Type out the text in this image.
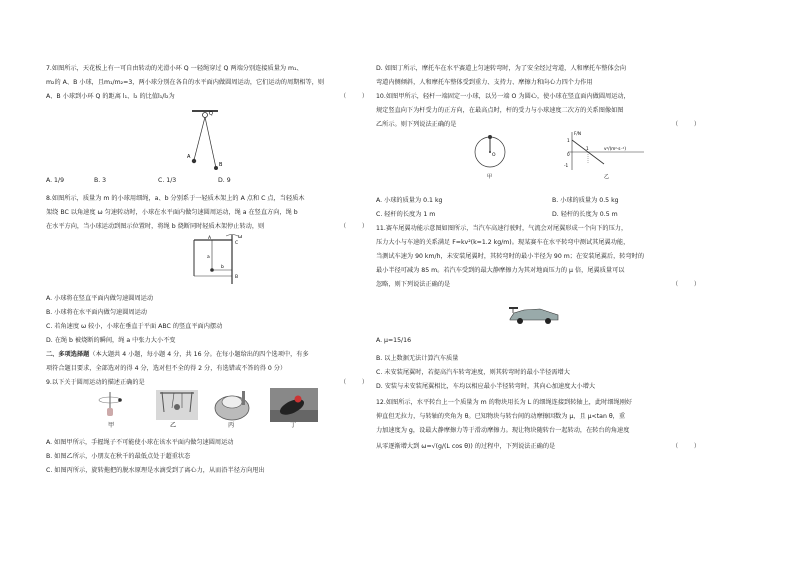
7.如图所示，天花板上有一可自由转动的光滑小环 Q 一轻绳穿过 Q 两端分别连接质量为 m₁、
m₂的 A、B 小球，且m₁/m₂=3，两小球分别在各自的水平面内做圆周运动，它们运动的周期相等，则
A、B 小球到小环 Q 的距离 l₁、l₂ 的比值l₁/l₂为	（        ）
Q
A
B
A. 1/9	B. 3	C. 1/3	D. 9
8.如图所示，质量为 m 的小球用细绳，a、b 分别系于一轻质木架上的 A 点和 C 点，当轻质木
架绕 BC 以角速度 ω 匀速转动时，小球在水平面内做匀速圆周运动，绳 a 在竖直方向，绳 b
在水平方向，当小球运动到图示位置时，将绳 b 烧断同时轻质木架停止转动，则	（        ）
ω
A
a
b
B
C
A. 小球将在竖直平面内做匀速圆周运动
B. 小球将在水平面内做匀速圆周运动
C. 若角速度 ω 较小，小球在垂直于平面 ABC 的竖直平面内摆动
D. 在绳 b 被烧断的瞬间，绳 a 中张力大小不变
二、多项选择题（本大题共 4 小题，每小题 4 分，共 16 分。在每小题给出的四个选项中，有多
项符合题目要求，全部选对的得 4 分，选对但不全的得 2 分，有选错或不答的得 0 分）
9.以下关于圆周运动的描述正确的是	（        ）
甲	乙	丙	丁
A. 如图甲所示，手握绳子不可能使小球在该水平面内做匀速圆周运动
B. 如图乙所示，小朋友在秋千的最低点处于超重状态
C. 如图丙所示，旋转拖把的脱水原理是水滴受到了离心力，从而沿半径方向甩出
D. 如图丁所示，摩托车在水平赛道上匀速转弯时，为了安全经过弯道，人和摩托车整体会向
弯道内侧倾斜，人和摩托车整体受到重力、支持力、摩擦力和向心力四个力作用
10.如图甲所示，轻杆一端固定一小球，以另一端 O 为圆心，使小球在竖直面内做圆周运动，
规定竖直向下为杆受力的正方向，在最高点时，杆的受力与小球速度二次方的关系图像如图
乙所示。则下列说法正确的是	（        ）
O
甲
F/N
1
0
-1
1	v²/(m²·s⁻²)
乙
A. 小球的质量为 0.1 kg	B. 小球的质量为 0.5 kg
C. 轻杆的长度为 1 m	D. 轻杆的长度为 0.5 m
11.赛车尾翼功能示意图如图所示，当汽车高速行驶时，气流会对尾翼形成一个向下的压力，
压力大小与车速的关系满足 F=kv²(k=1.2 kg/m)。现某赛车在水平转弯中测试其尾翼功能，
当测试车速为 90 km/h，未安装尾翼时，其转弯时的最小半径为 90 m；在安装尾翼后，转弯时的
最小半径可减为 85 m。若汽车受到的最大静摩擦力为其对地面压力的 μ 倍，尾翼质量可以
忽略，则下列说法正确的是	（        ）
A. μ=15/16
B. 以上数据无法计算汽车质量
C. 未安装尾翼时，若提高汽车转弯速度，则其转弯时的最小半径需增大
D. 安装与未安装尾翼相比，车均以相应最小半径转弯时，其向心加速度大小增大
12.如图所示，水平转台上一个质量为 m 的物块用长为 L 的细绳连接到转轴上，此时细绳刚好
伸直但无拉力，与转轴的夹角为 θ。已知物块与转台间的动摩擦因数为 μ，且 μ<tan θ，重
力加速度为 g，设最大静摩擦力等于滑动摩擦力。现让物块随转台一起转动，在转台的角速度
从零逐渐增大到 ω=√(g/(L cos θ)) 的过程中，下列说法正确的是	（        ）
